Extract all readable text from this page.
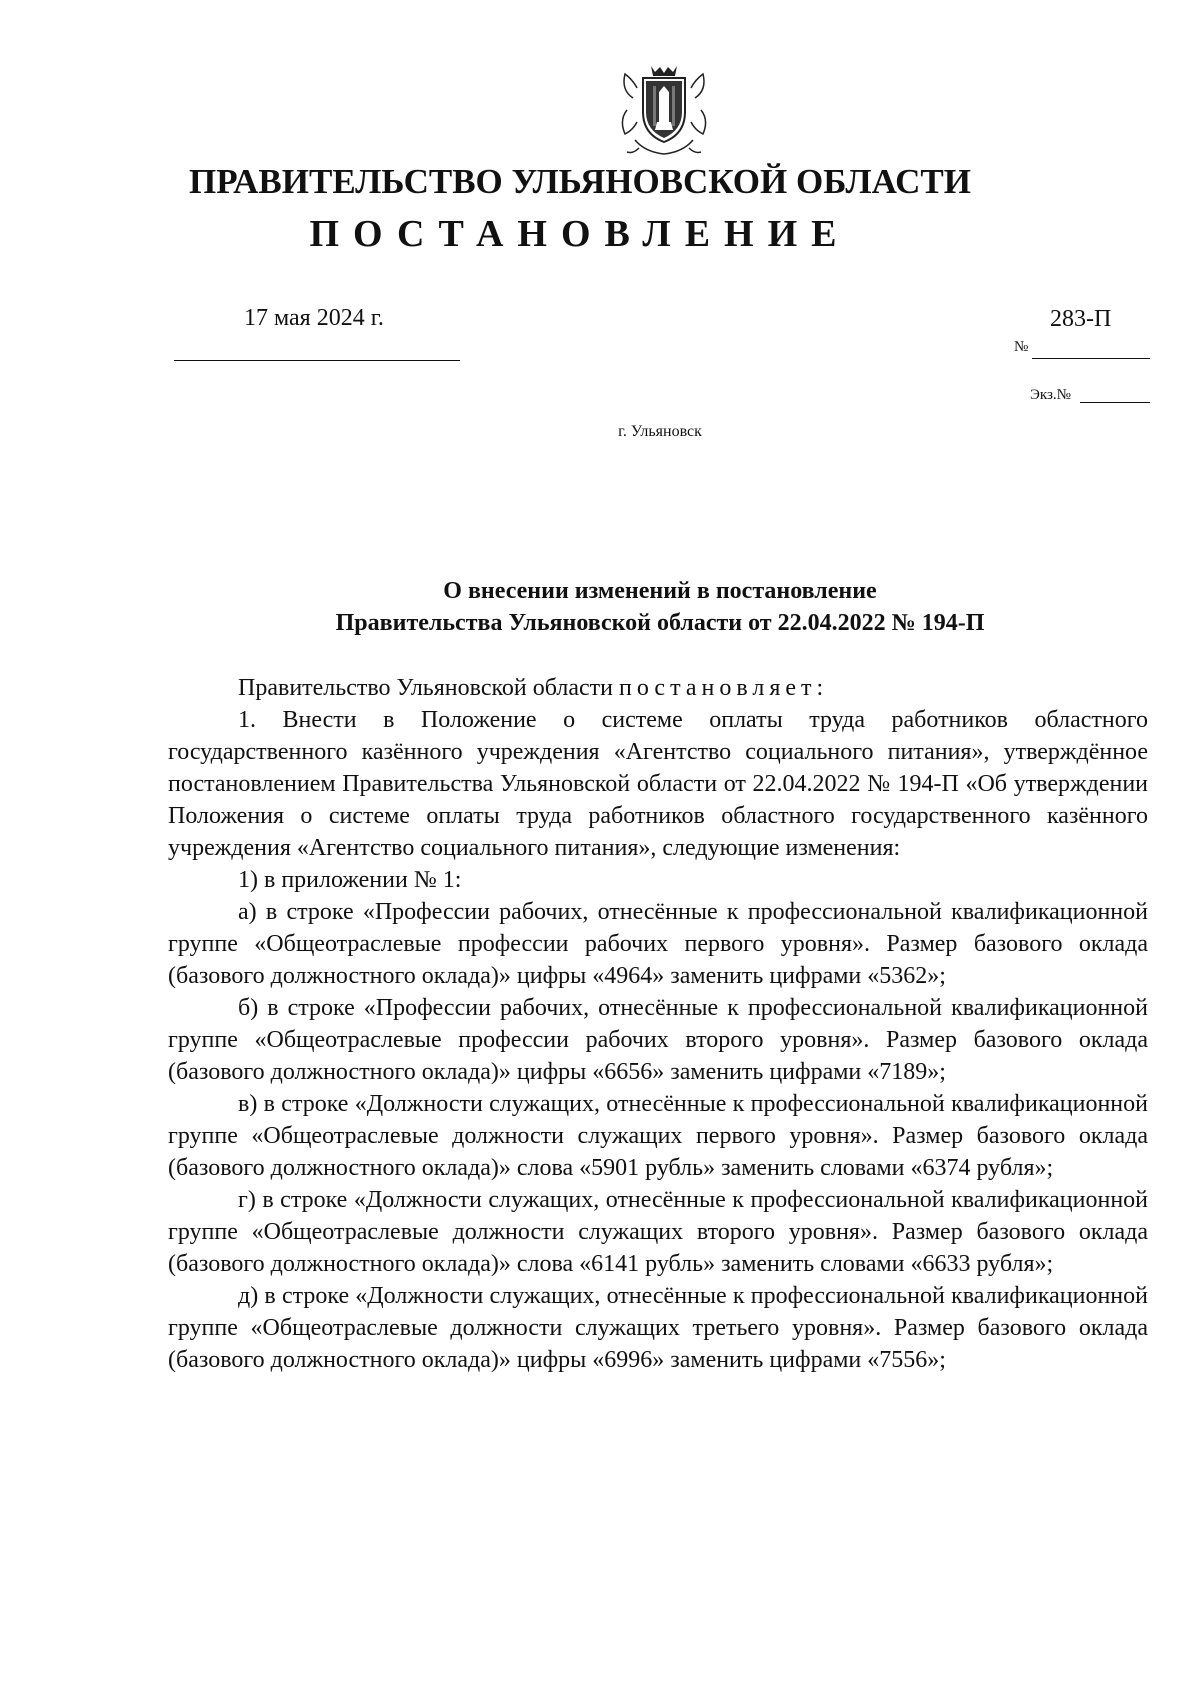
ПРАВИТЕЛЬСТВО УЛЬЯНОВСКОЙ ОБЛАСТИ
ПОСТАНОВЛЕНИЕ
17 мая 2024 г.	283-П
№
Экз.№
г. Ульяновск
О внесении изменений в постановление
Правительства Ульяновской области от 22.04.2022 № 194-П

Правительство Ульяновской области постановляет:

1. Внести в Положение о системе оплаты труда работников областного государственного казённого учреждения «Агентство социального питания», утверждённое постановлением Правительства Ульяновской области от 22.04.2022 № 194-П «Об утверждении Положения о системе оплаты труда работников областного государственного казённого учреждения «Агентство социального питания», следующие изменения:

1) в приложении № 1:

а) в строке «Профессии рабочих, отнесённые к профессиональной квалификационной группе «Общеотраслевые профессии рабочих первого уровня». Размер базового оклада (базового должностного оклада)» цифры «4964» заменить цифрами «5362»;

б) в строке «Профессии рабочих, отнесённые к профессиональной квалификационной группе «Общеотраслевые профессии рабочих второго уровня». Размер базового оклада (базового должностного оклада)» цифры «6656» заменить цифрами «7189»;

в) в строке «Должности служащих, отнесённые к профессиональной квалификационной группе «Общеотраслевые должности служащих первого уровня». Размер базового оклада (базового должностного оклада)» слова «5901 рубль» заменить словами «6374 рубля»;

г) в строке «Должности служащих, отнесённые к профессиональной квалификационной группе «Общеотраслевые должности служащих второго уровня». Размер базового оклада (базового должностного оклада)» слова «6141 рубль» заменить словами «6633 рубля»;

д) в строке «Должности служащих, отнесённые к профессиональной квалификационной группе «Общеотраслевые должности служащих третьего уровня». Размер базового оклада (базового должностного оклада)» цифры «6996» заменить цифрами «7556»;
